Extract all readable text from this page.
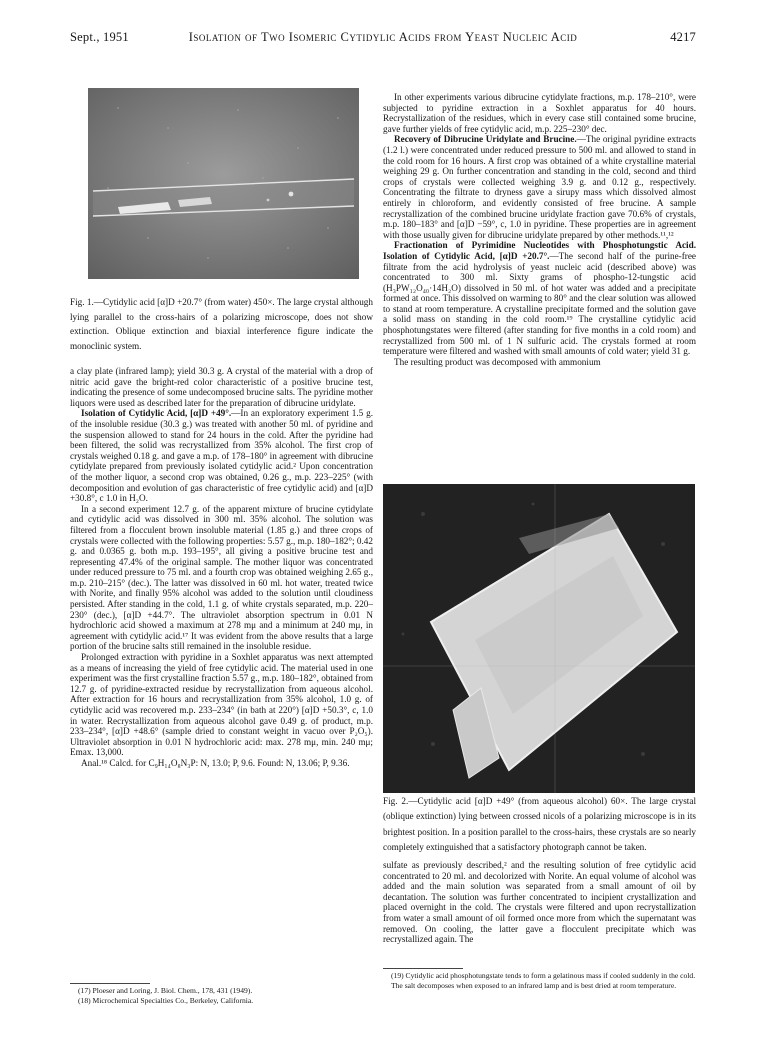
Sept., 1951	Isolation of Two Isomeric Cytidylic Acids from Yeast Nucleic Acid	4217

Fig. 1.—Cytidylic acid [α]D +20.7° (from water) 450×. The large crystal although lying parallel to the cross-hairs of a polarizing microscope, does not show extinction. Oblique extinction and biaxial interference figure indicate the monoclinic system.

a clay plate (infrared lamp); yield 30.3 g. A crystal of the material with a drop of nitric acid gave the bright-red color characteristic of a positive brucine test, indicating the presence of some undecomposed brucine salts. The pyridine mother liquors were used as described later for the preparation of dibrucine uridylate.

Isolation of Cytidylic Acid, [α]D +49°.—In an exploratory experiment 1.5 g. of the insoluble residue (30.3 g.) was treated with another 50 ml. of pyridine and the suspension allowed to stand for 24 hours in the cold. After the pyridine had been filtered, the solid was recrystallized from 35% alcohol. The first crop of crystals weighed 0.18 g. and gave a m.p. of 178–180° in agreement with dibrucine cytidylate prepared from previously isolated cytidylic acid.² Upon concentration of the mother liquor, a second crop was obtained, 0.26 g., m.p. 223–225° (with decomposition and evolution of gas characteristic of free cytidylic acid) and [α]D +30.8°, c 1.0 in H₂O.

In a second experiment 12.7 g. of the apparent mixture of brucine cytidylate and cytidylic acid was dissolved in 300 ml. 35% alcohol. The solution was filtered from a flocculent brown insoluble material (1.85 g.) and three crops of crystals were collected with the following properties: 5.57 g., m.p. 180–182°; 0.42 g. and 0.0365 g. both m.p. 193–195°, all giving a positive brucine test and representing 47.4% of the original sample. The mother liquor was concentrated under reduced pressure to 75 ml. and a fourth crop was obtained weighing 2.65 g., m.p. 210–215° (dec.). The latter was dissolved in 60 ml. hot water, treated twice with Norite, and finally 95% alcohol was added to the solution until cloudiness persisted. After standing in the cold, 1.1 g. of white crystals separated, m.p. 220–230° (dec.), [α]D +44.7°. The ultraviolet absorption spectrum in 0.01 N hydrochloric acid showed a maximum at 278 mμ and a minimum at 240 mμ, in agreement with cytidylic acid.¹⁷ It was evident from the above results that a large portion of the brucine salts still remained in the insoluble residue.

Prolonged extraction with pyridine in a Soxhlet apparatus was next attempted as a means of increasing the yield of free cytidylic acid. The material used in one experiment was the first crystalline fraction 5.57 g., m.p. 180–182°, obtained from 12.7 g. of pyridine-extracted residue by recrystallization from aqueous alcohol. After extraction for 16 hours and recrystallization from 35% alcohol, 1.0 g. of cytidylic acid was recovered m.p. 233–234° (in bath at 220°) [α]D +50.3°, c, 1.0 in water. Recrystallization from aqueous alcohol gave 0.49 g. of product, m.p. 233–234°, [α]D +48.6° (sample dried to constant weight in vacuo over P₂O₅). Ultraviolet absorption in 0.01 N hydrochloric acid: max. 278 mμ, min. 240 mμ; Emax. 13,000.

Anal.¹⁸ Calcd. for C₉H₁₄O₈N₃P: N, 13.0; P, 9.6. Found: N, 13.06; P, 9.36.

(17) Ploeser and Loring, J. Biol. Chem., 178, 431 (1949).

(18) Microchemical Specialties Co., Berkeley, California.

In other experiments various dibrucine cytidylate fractions, m.p. 178–210°, were subjected to pyridine extraction in a Soxhlet apparatus for 40 hours. Recrystallization of the residues, which in every case still contained some brucine, gave further yields of free cytidylic acid, m.p. 225–230° dec.

Recovery of Dibrucine Uridylate and Brucine.—The original pyridine extracts (1.2 l.) were concentrated under reduced pressure to 500 ml. and allowed to stand in the cold room for 16 hours. A first crop was obtained of a white crystalline material weighing 29 g. On further concentration and standing in the cold, second and third crops of crystals were collected weighing 3.9 g. and 0.12 g., respectively. Concentrating the filtrate to dryness gave a sirupy mass which dissolved almost entirely in chloroform, and evidently consisted of free brucine. A sample recrystallization of the combined brucine uridylate fraction gave 70.6% of crystals, m.p. 180–183° and [α]D −59°, c, 1.0 in pyridine. These properties are in agreement with those usually given for dibrucine uridylate prepared by other methods.¹¹,¹²

Fractionation of Pyrimidine Nucleotides with Phosphotungstic Acid. Isolation of Cytidylic Acid, [α]D +20.7°.—The second half of the purine-free filtrate from the acid hydrolysis of yeast nucleic acid (described above) was concentrated to 300 ml. Sixty grams of phospho-12-tungstic acid (H₃PW₁₂O₄₀·14H₂O) dissolved in 50 ml. of hot water was added and a precipitate formed at once. This dissolved on warming to 80° and the clear solution was allowed to stand at room temperature. A crystalline precipitate formed and the solution gave a solid mass on standing in the cold room.¹⁹ The crystalline cytidylic acid phosphotungstates were filtered (after standing for five months in a cold room) and recrystallized from 500 ml. of 1 N sulfuric acid. The crystals formed at room temperature were filtered and washed with small amounts of cold water; yield 31 g.

The resulting product was decomposed with ammonium

Fig. 2.—Cytidylic acid [α]D +49° (from aqueous alcohol) 60×. The large crystal (oblique extinction) lying between crossed nicols of a polarizing microscope is in its brightest position. In a position parallel to the cross-hairs, these crystals are so nearly completely extinguished that a satisfactory photograph cannot be taken.

sulfate as previously described,² and the resulting solution of free cytidylic acid concentrated to 20 ml. and decolorized with Norite. An equal volume of alcohol was added and the main solution was separated from a small amount of oil by decantation. The solution was further concentrated to incipient crystallization and placed overnight in the cold. The crystals were filtered and upon recrystallization from water a small amount of oil formed once more from which the supernatant was removed. On cooling, the latter gave a flocculent precipitate which was recrystallized again. The

(19) Cytidylic acid phosphotungstate tends to form a gelatinous mass if cooled suddenly in the cold. The salt decomposes when exposed to an infrared lamp and is best dried at room temperature.
